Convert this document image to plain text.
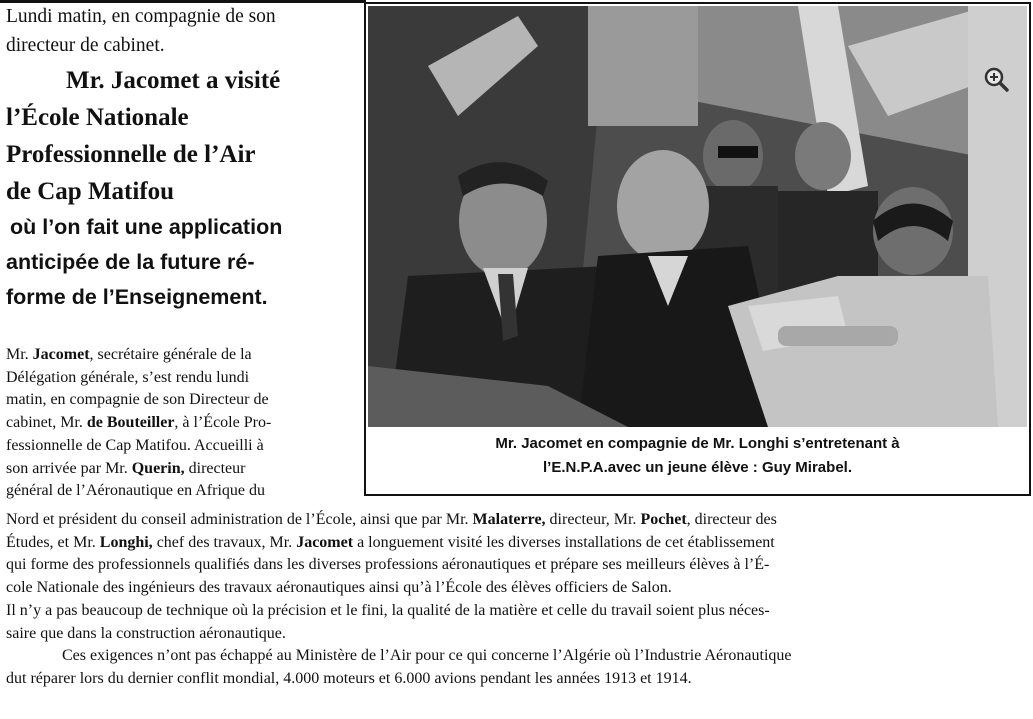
Lundi matin, en compagnie de son
directeur de cabinet.
Mr. Jacomet a visité
l’École Nationale
Professionnelle de l’Air
de Cap Matifou
où l’on fait une application
anticipée de la future ré-
forme de l’Enseignement.
Mr. Jacomet, secrétaire générale de la
Délégation générale, s’est rendu lundi
matin, en compagnie de son Directeur de
cabinet, Mr. de Bouteiller, à l’École Pro-
fessionnelle de Cap Matifou. Accueilli à
son arrivée par Mr. Querin, directeur
général de l’Aéronautique en Afrique du
Nord et président du conseil administration de l’École, ainsi que par Mr. Malaterre, directeur, Mr. Pochet, directeur des
Études, et Mr. Longhi, chef des travaux, Mr. Jacomet a longuement visité les diverses installations de cet établissement
qui forme des professionnels qualifiés dans les diverses professions aéronautiques et prépare ses meilleurs élèves à l’É-
cole Nationale des ingénieurs des travaux aéronautiques ainsi qu’à l’École des élèves officiers de Salon.
Il n’y a pas beaucoup de technique où la précision et le fini, la qualité de la matière et celle du travail soient plus néces-
saire que dans la construction aéronautique.
Ces exigences n’ont pas échappé au Ministère de l’Air pour ce qui concerne l’Algérie où l’Industrie Aéronautique
dut réparer lors du dernier conflit mondial, 4.000 moteurs et 6.000 avions pendant les années 1913 et 1914.
Mr. Jacomet en compagnie de Mr. Longhi s’entretenant à
l’E.N.P.A.avec un jeune élève : Guy Mirabel.
